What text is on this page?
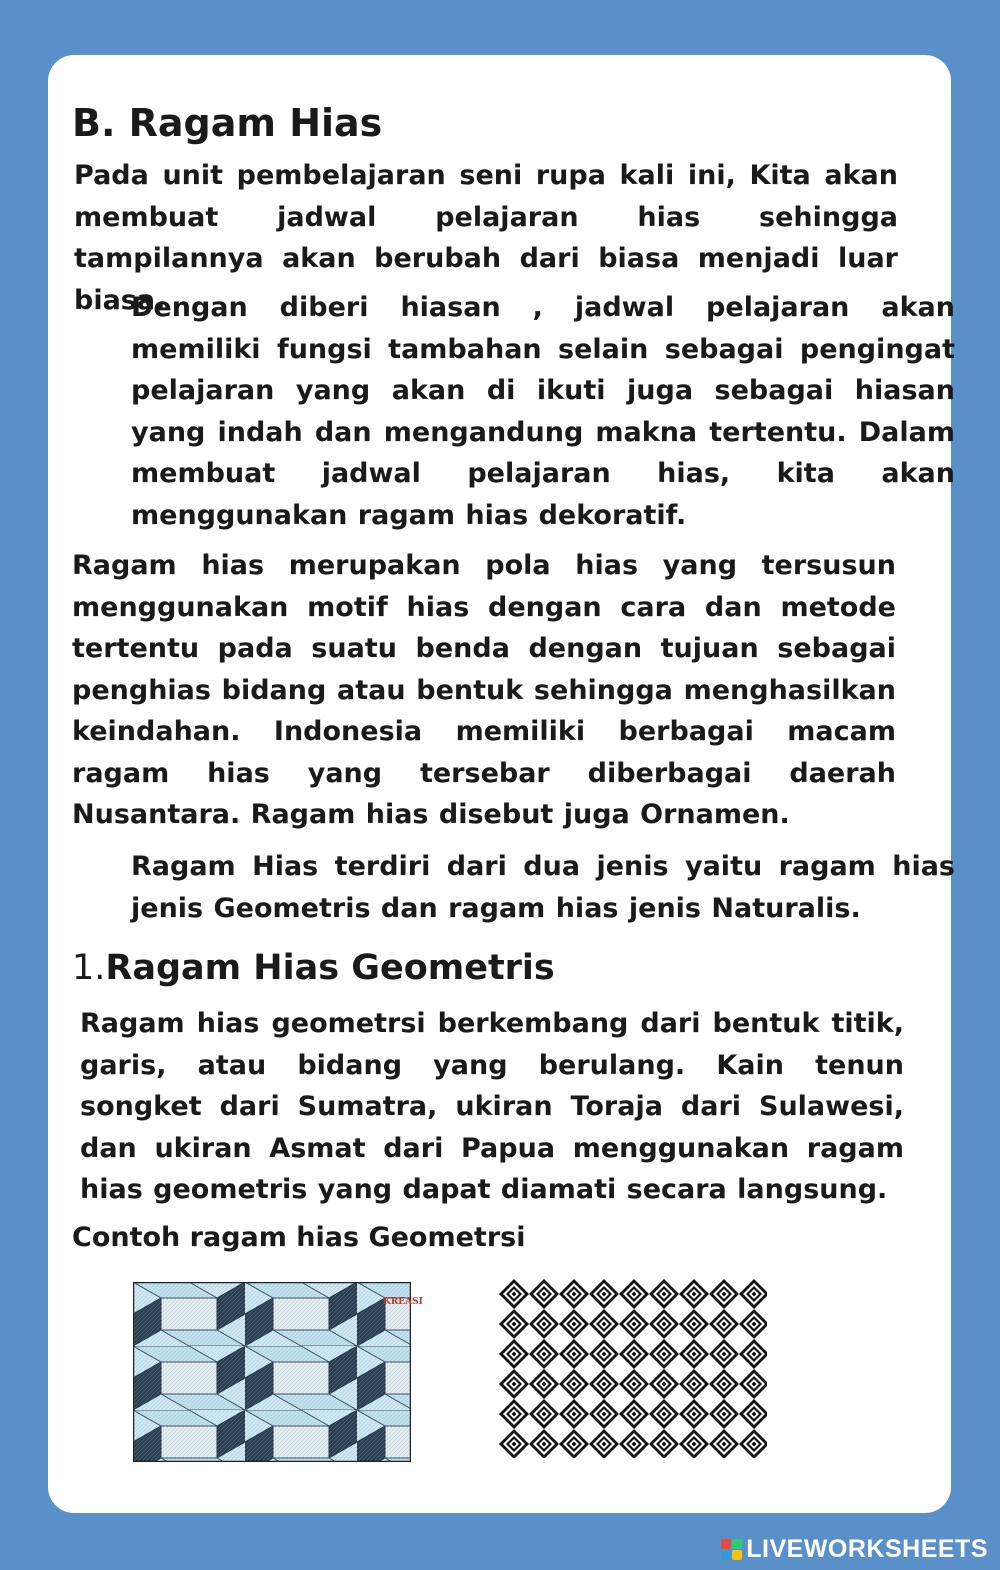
B. Ragam Hias

Pada unit pembelajaran seni rupa kali ini, Kita akan membuat jadwal pelajaran hias sehingga tampilannya akan berubah dari biasa menjadi luar biasa.

Dengan diberi hiasan , jadwal pelajaran akan memiliki fungsi tambahan selain sebagai pengingat pelajaran yang akan di ikuti juga sebagai hiasan yang indah dan mengandung makna tertentu. Dalam membuat jadwal pelajaran hias, kita akan menggunakan ragam hias dekoratif.

Ragam hias merupakan pola hias yang tersusun menggunakan motif hias dengan cara dan metode tertentu pada suatu benda dengan tujuan sebagai penghias bidang atau bentuk sehingga menghasilkan keindahan. Indonesia memiliki berbagai macam ragam hias yang tersebar diberbagai daerah Nusantara. Ragam hias disebut juga Ornamen.

Ragam Hias terdiri dari dua jenis yaitu ragam hias jenis Geometris dan ragam hias jenis Naturalis.

1.Ragam Hias Geometris

Ragam hias geometrsi berkembang dari bentuk titik, garis, atau bidang yang berulang. Kain tenun songket dari Sumatra, ukiran Toraja dari Sulawesi, dan ukiran Asmat dari Papua menggunakan ragam hias geometris yang dapat diamati secara langsung.

Contoh ragam hias Geometrsi

KREASI
LIVEWORKSHEETS
